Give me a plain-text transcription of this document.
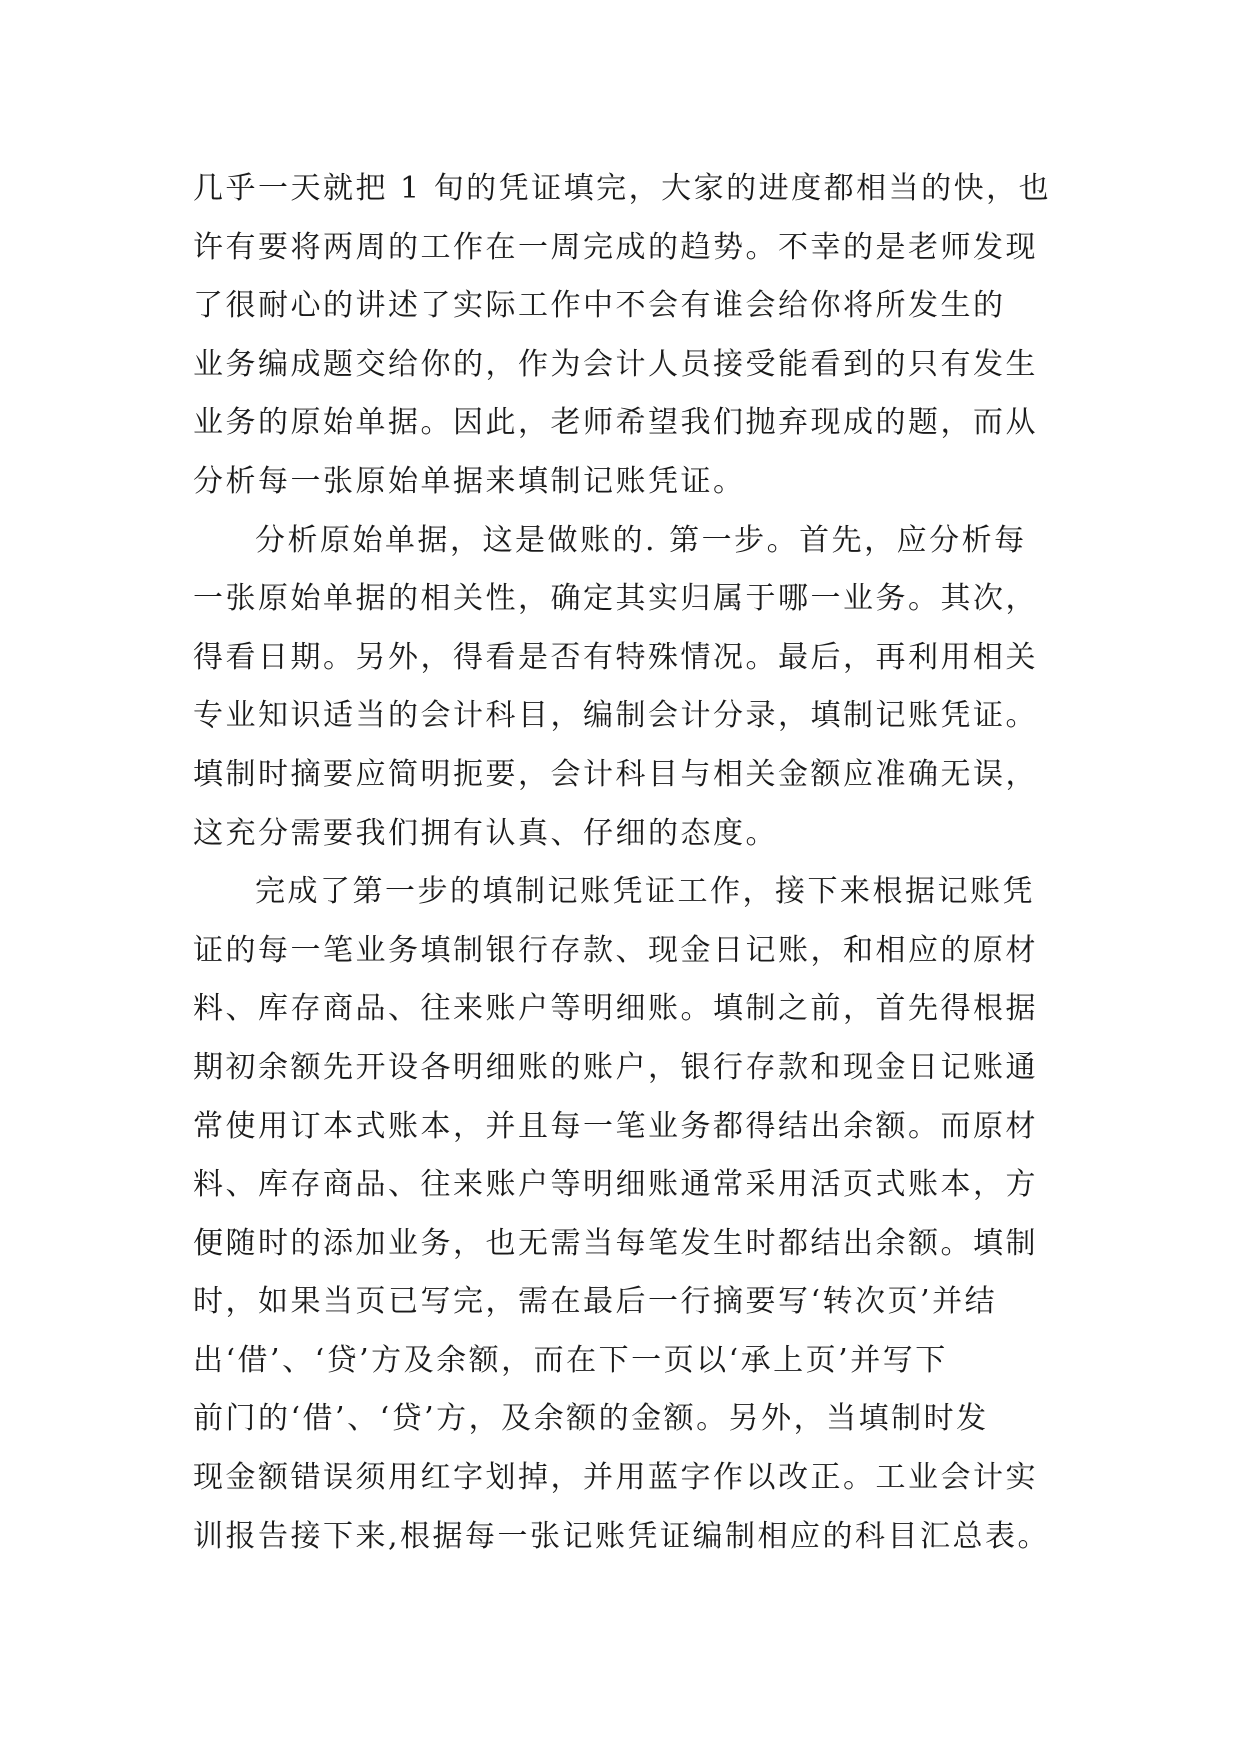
几乎一天就把 1 旬的凭证填完，大家的进度都相当的快，也
许有要将两周的工作在一周完成的趋势。不幸的是老师发现
了很耐心的讲述了实际工作中不会有谁会给你将所发生的
业务编成题交给你的，作为会计人员接受能看到的只有发生
业务的原始单据。因此，老师希望我们抛弃现成的题，而从
分析每一张原始单据来填制记账凭证。
分析原始单据，这是做账的. 第一步。首先，应分析每
一张原始单据的相关性，确定其实归属于哪一业务。其次，
得看日期。另外，得看是否有特殊情况。最后，再利用相关
专业知识适当的会计科目，编制会计分录，填制记账凭证。
填制时摘要应简明扼要，会计科目与相关金额应准确无误，
这充分需要我们拥有认真、仔细的态度。
完成了第一步的填制记账凭证工作，接下来根据记账凭
证的每一笔业务填制银行存款、现金日记账，和相应的原材
料、库存商品、往来账户等明细账。填制之前，首先得根据
期初余额先开设各明细账的账户，银行存款和现金日记账通
常使用订本式账本，并且每一笔业务都得结出余额。而原材
料、库存商品、往来账户等明细账通常采用活页式账本，方
便随时的添加业务，也无需当每笔发生时都结出余额。填制
时，如果当页已写完，需在最后一行摘要写‘转次页’并结
出‘借’、‘贷’方及余额，而在下一页以‘承上页’并写下
前门的‘借’、‘贷’方，及余额的金额。另外，当填制时发
现金额错误须用红字划掉，并用蓝字作以改正。工业会计实
训报告接下来,根据每一张记账凭证编制相应的科目汇总表。
